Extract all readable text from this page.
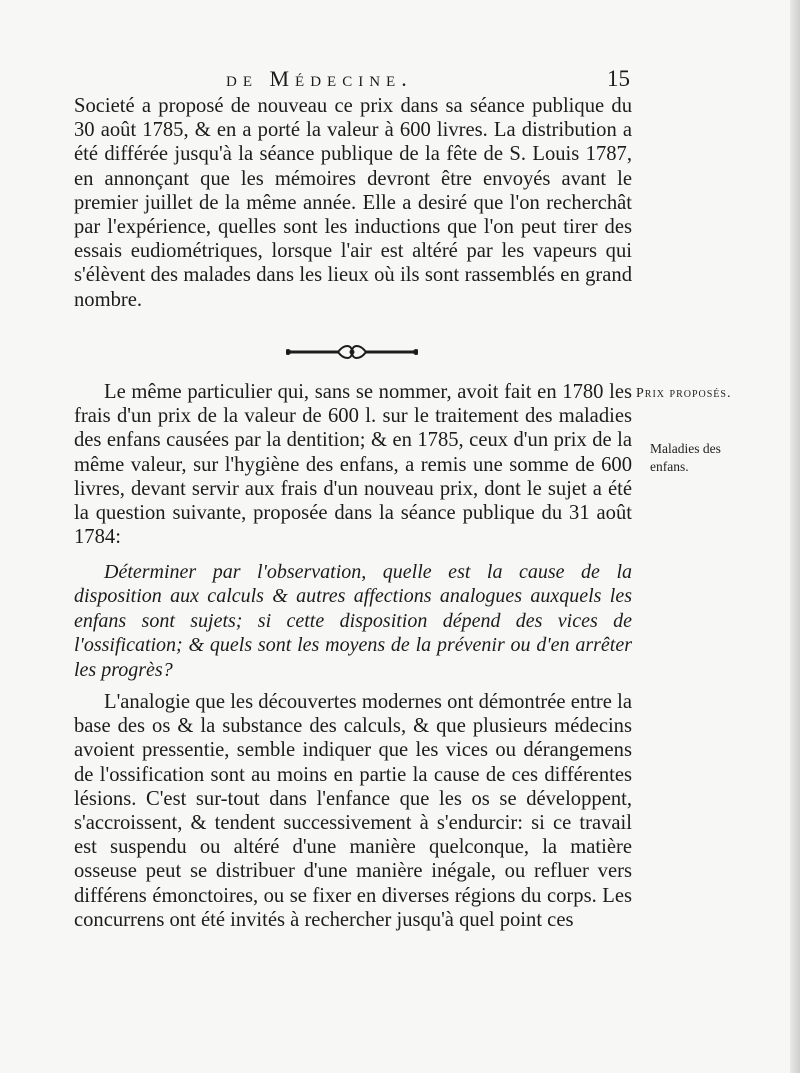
de Médecine.	15
Societé a proposé de nouveau ce prix dans sa séance publique du 30 août 1785, & en a porté la valeur à 600 livres. La distribution a été différée jusqu'à la séance publique de la fête de S. Louis 1787, en annonçant que les mémoires devront être envoyés avant le premier juillet de la même année. Elle a desiré que l'on recherchât par l'expérience, quelles sont les inductions que l'on peut tirer des essais eudiométriques, lorsque l'air est altéré par les vapeurs qui s'élèvent des malades dans les lieux où ils sont rassemblés en grand nombre.
Prix proposés.
Maladies des enfans.
Le même particulier qui, sans se nommer, avoit fait en 1780 les frais d'un prix de la valeur de 600 l. sur le traitement des maladies des enfans causées par la dentition; & en 1785, ceux d'un prix de la même valeur, sur l'hygiène des enfans, a remis une somme de 600 livres, devant servir aux frais d'un nouveau prix, dont le sujet a été la question suivante, proposée dans la séance publique du 31 août 1784:
Déterminer par l'observation, quelle est la cause de la disposition aux calculs & autres affections analogues auxquels les enfans sont sujets; si cette disposition dépend des vices de l'ossification; & quels sont les moyens de la prévenir ou d'en arrêter les progrès?
L'analogie que les découvertes modernes ont démontrée entre la base des os & la substance des calculs, & que plusieurs médecins avoient pressentie, semble indiquer que les vices ou dérangemens de l'ossification sont au moins en partie la cause de ces différentes lésions. C'est sur-tout dans l'enfance que les os se développent, s'accroissent, & tendent successivement à s'endurcir: si ce travail est suspendu ou altéré d'une manière quelconque, la matière osseuse peut se distribuer d'une manière inégale, ou refluer vers différens émonctoires, ou se fixer en diverses régions du corps. Les concurrens ont été invités à rechercher jusqu'à quel point ces
